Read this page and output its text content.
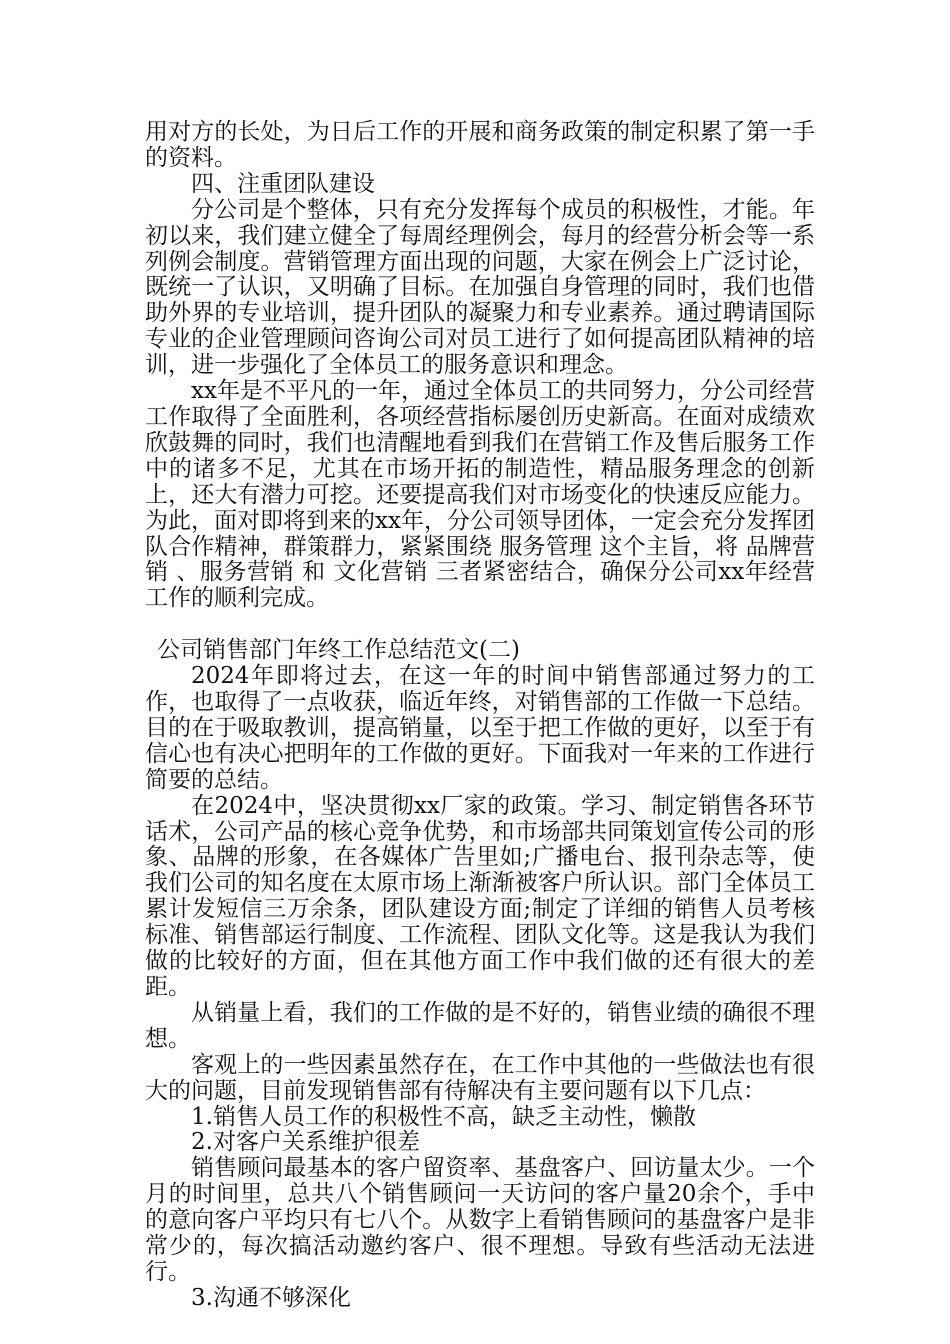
用对方的长处，为日后工作的开展和商务政策的制定积累了第一手的资料。

四、注重团队建设

分公司是个整体，只有充分发挥每个成员的积极性，才能。年初以来，我们建立健全了每周经理例会，每月的经营分析会等一系列例会制度。营销管理方面出现的问题，大家在例会上广泛讨论，既统一了认识，又明确了目标。在加强自身管理的同时，我们也借助外界的专业培训，提升团队的凝聚力和专业素养。通过聘请国际专业的企业管理顾问咨询公司对员工进行了如何提高团队精神的培训，进一步强化了全体员工的服务意识和理念。

xx年是不平凡的一年，通过全体员工的共同努力，分公司经营工作取得了全面胜利，各项经营指标屡创历史新高。在面对成绩欢欣鼓舞的同时，我们也清醒地看到我们在营销工作及售后服务工作中的诸多不足，尤其在市场开拓的制造性，精品服务理念的创新上，还大有潜力可挖。还要提高我们对市场变化的快速反应能力。为此，面对即将到来的xx年，分公司领导团体，一定会充分发挥团队合作精神，群策群力，紧紧围绕 服务管理 这个主旨，将 品牌营销 、服务营销 和 文化营销 三者紧密结合，确保分公司xx年经营工作的顺利完成。

公司销售部门年终工作总结范文(二)

2024年即将过去，在这一年的时间中销售部通过努力的工作，也取得了一点收获，临近年终，对销售部的工作做一下总结。目的在于吸取教训，提高销量，以至于把工作做的更好，以至于有信心也有决心把明年的工作做的更好。下面我对一年来的工作进行简要的总结。

在2024中，坚决贯彻xx厂家的政策。学习、制定销售各环节话术，公司产品的核心竞争优势，和市场部共同策划宣传公司的形象、品牌的形象，在各媒体广告里如;广播电台、报刊杂志等，使我们公司的知名度在太原市场上渐渐被客户所认识。部门全体员工累计发短信三万余条，团队建设方面;制定了详细的销售人员考核标准、销售部运行制度、工作流程、团队文化等。这是我认为我们做的比较好的方面，但在其他方面工作中我们做的还有很大的差距。

从销量上看，我们的工作做的是不好的，销售业绩的确很不理想。

客观上的一些因素虽然存在，在工作中其他的一些做法也有很大的问题，目前发现销售部有待解决有主要问题有以下几点：

1.销售人员工作的积极性不高，缺乏主动性，懒散

2.对客户关系维护很差

销售顾问最基本的客户留资率、基盘客户、回访量太少。一个月的时间里，总共八个销售顾问一天访问的客户量20余个，手中的意向客户平均只有七八个。从数字上看销售顾问的基盘客户是非常少的，每次搞活动邀约客户、很不理想。导致有些活动无法进行。

3.沟通不够深化
